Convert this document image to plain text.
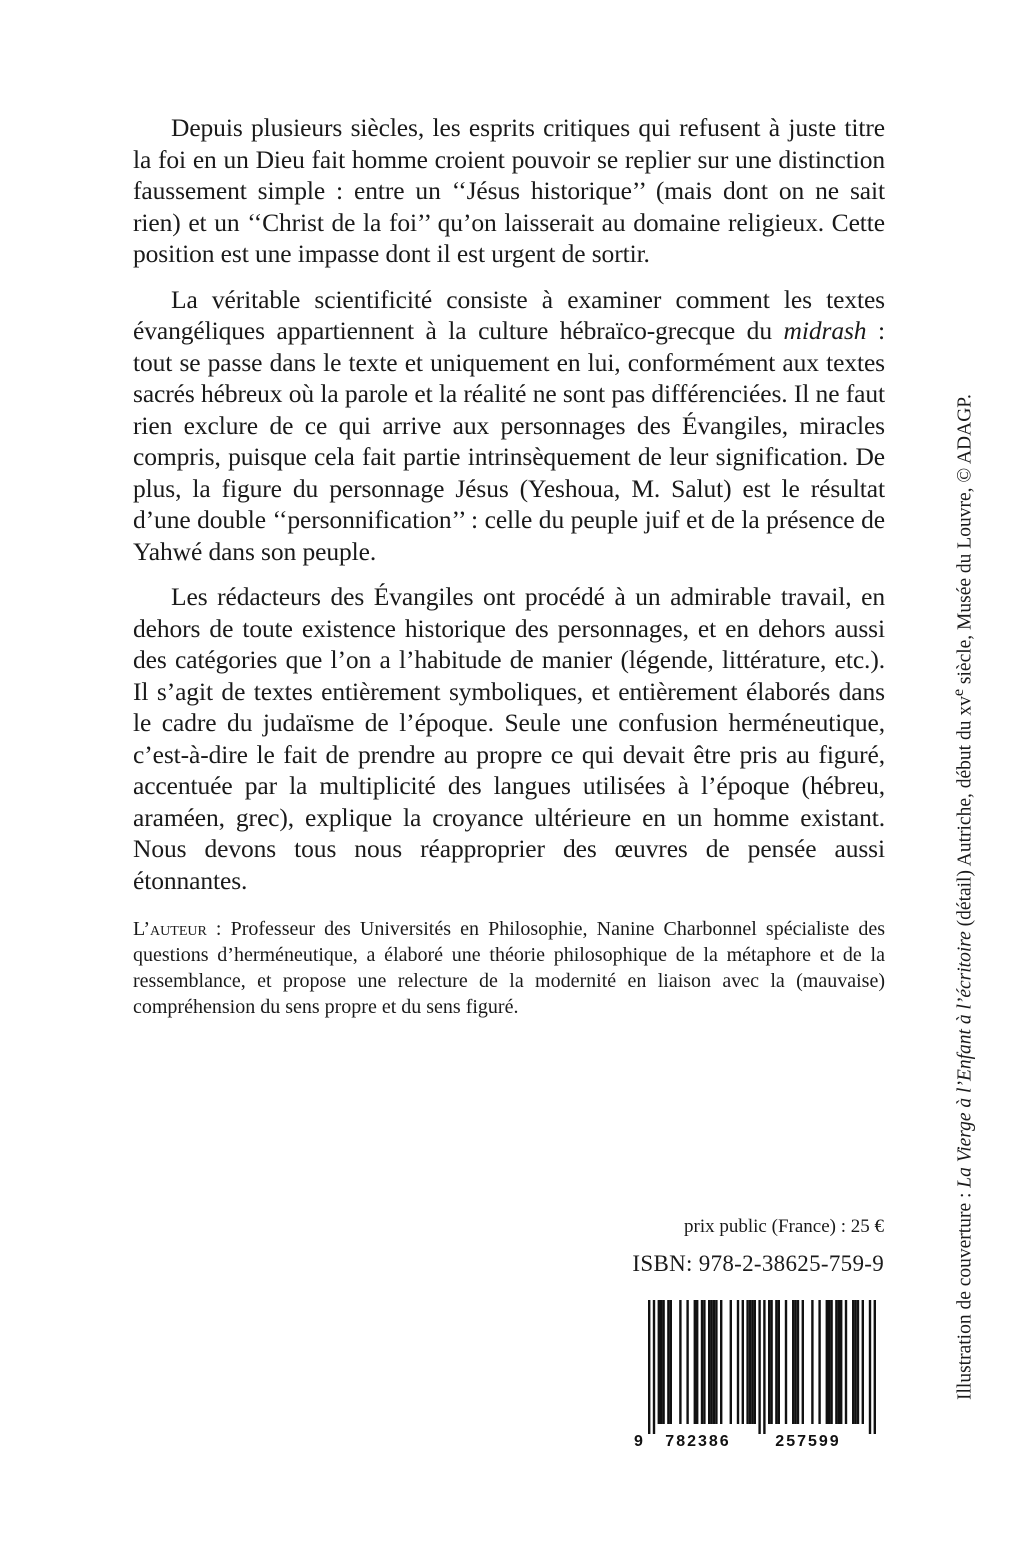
Depuis plusieurs siècles, les esprits critiques qui refusent à juste titre la foi en un Dieu fait homme croient pouvoir se replier sur une distinction faussement simple : entre un ‘‘Jésus historique’’ (mais dont on ne sait rien) et un ‘‘Christ de la foi’’ qu’on laisserait au domaine religieux. Cette position est une impasse dont il est urgent de sortir.

La véritable scientificité consiste à examiner comment les textes évangéliques appartiennent à la culture hébraïco-grecque du midrash : tout se passe dans le texte et uniquement en lui, conformément aux textes sacrés hébreux où la parole et la réalité ne sont pas différenciées. Il ne faut rien exclure de ce qui arrive aux personnages des Évangiles, miracles compris, puisque cela fait partie intrinsèquement de leur signification. De plus, la figure du personnage Jésus (Yeshoua, M. Salut) est le résultat d’une double ‘‘personnification’’ : celle du peuple juif et de la présence de Yahwé dans son peuple.

Les rédacteurs des Évangiles ont procédé à un admirable travail, en dehors de toute existence historique des personnages, et en dehors aussi des catégories que l’on a l’habitude de manier (légende, littérature, etc.). Il s’agit de textes entièrement symboliques, et entièrement élaborés dans le cadre du judaïsme de l’époque. Seule une confusion herméneutique, c’est-à-dire le fait de prendre au propre ce qui devait être pris au figuré, accentuée par la multiplicité des langues utilisées à l’époque (hébreu, araméen, grec), explique la croyance ultérieure en un homme existant. Nous devons tous nous réapproprier des œuvres de pensée aussi étonnantes.

L’auteur : Professeur des Universités en Philosophie, Nanine Charbonnel spécialiste des questions d’herméneutique, a élaboré une théorie philosophique de la métaphore et de la ressemblance, et propose une relecture de la modernité en liaison avec la (mauvaise) compréhension du sens propre et du sens figuré.

prix public (France) : 25 €
ISBN: 978-2-38625-759-9
9 782386	257599
Illustration de couverture : La Vierge à l’Enfant à l’écritoire (détail) Autriche, début du $xv^e$ siècle, Musée du Louvre, © ADAGP.
